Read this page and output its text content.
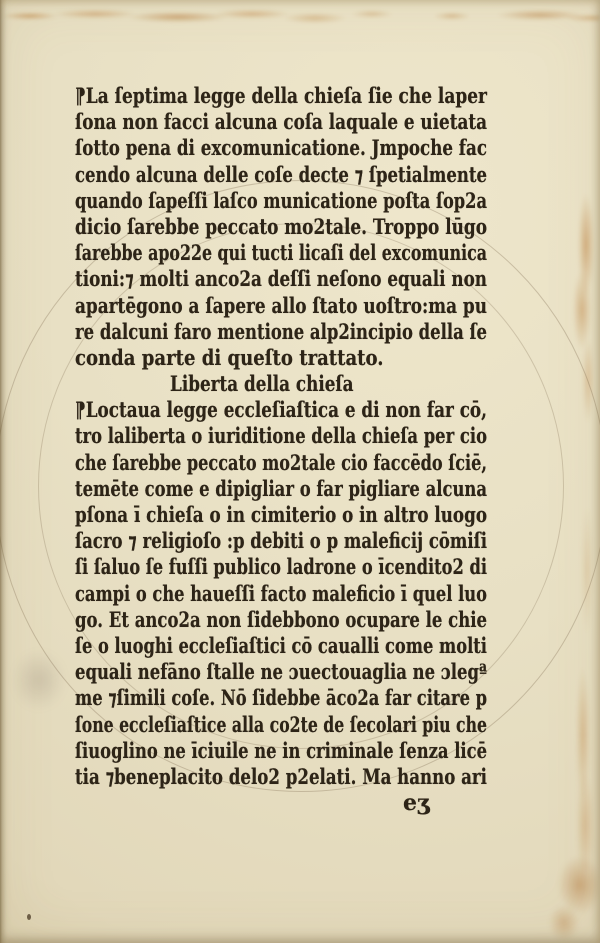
⁋La ſeptima legge della chieſa ſie che laper
ſona non facci alcuna coſa laquale e uietata
ſotto pena di excomunicatione. Jmpoche fac
cendo alcuna delle coſe decte ⁊ ſpetialmente
quando ſapeſſi laſco municatione poſta ſop2a
dicio ſarebbe peccato mo2tale. Troppo lūgo
ſarebbe apo22e qui tucti licaſi del excomunica
tioni:⁊ molti anco2a deſſi neſono equali non
apartēgono a ſapere allo ſtato uoſtro:ma pu
re dalcuni faro mentione alp2incipio della ſe
conda parte di queſto trattato.
Liberta della chieſa
⁋Loctaua legge eccleſiaſtica e di non far cō,
tro laliberta o iuriditione della chieſa per cio
che ſarebbe peccato mo2tale cio faccēdo ſciē,
temēte come e dipigliar o far pigliare alcuna
pſona ī chieſa o in cimiterio o in altro luogo
ſacro ⁊ religioſo :p debiti o p maleficij cōmiſi
ſi ſaluo ſe fuſſi publico ladrone o īcendito2 di
campi o che haueſſi facto maleficio ī quel luo
go. Et anco2a non ſidebbono ocupare le chie
ſe o luoghi eccleſiaſtici cō caualli come molti
equali nefāno ſtalle ne ɔuectouaglia ne ɔlegª
me ⁊ſimili coſe. Nō ſidebbe āco2a far citare p
ſone eccleſiaſtice alla co2te de ſecolari piu che
ſiuoglino ne īciuile ne in criminale ſenza licē
tia ⁊beneplacito delo2 p2elati. Ma hanno ari
eʒ
